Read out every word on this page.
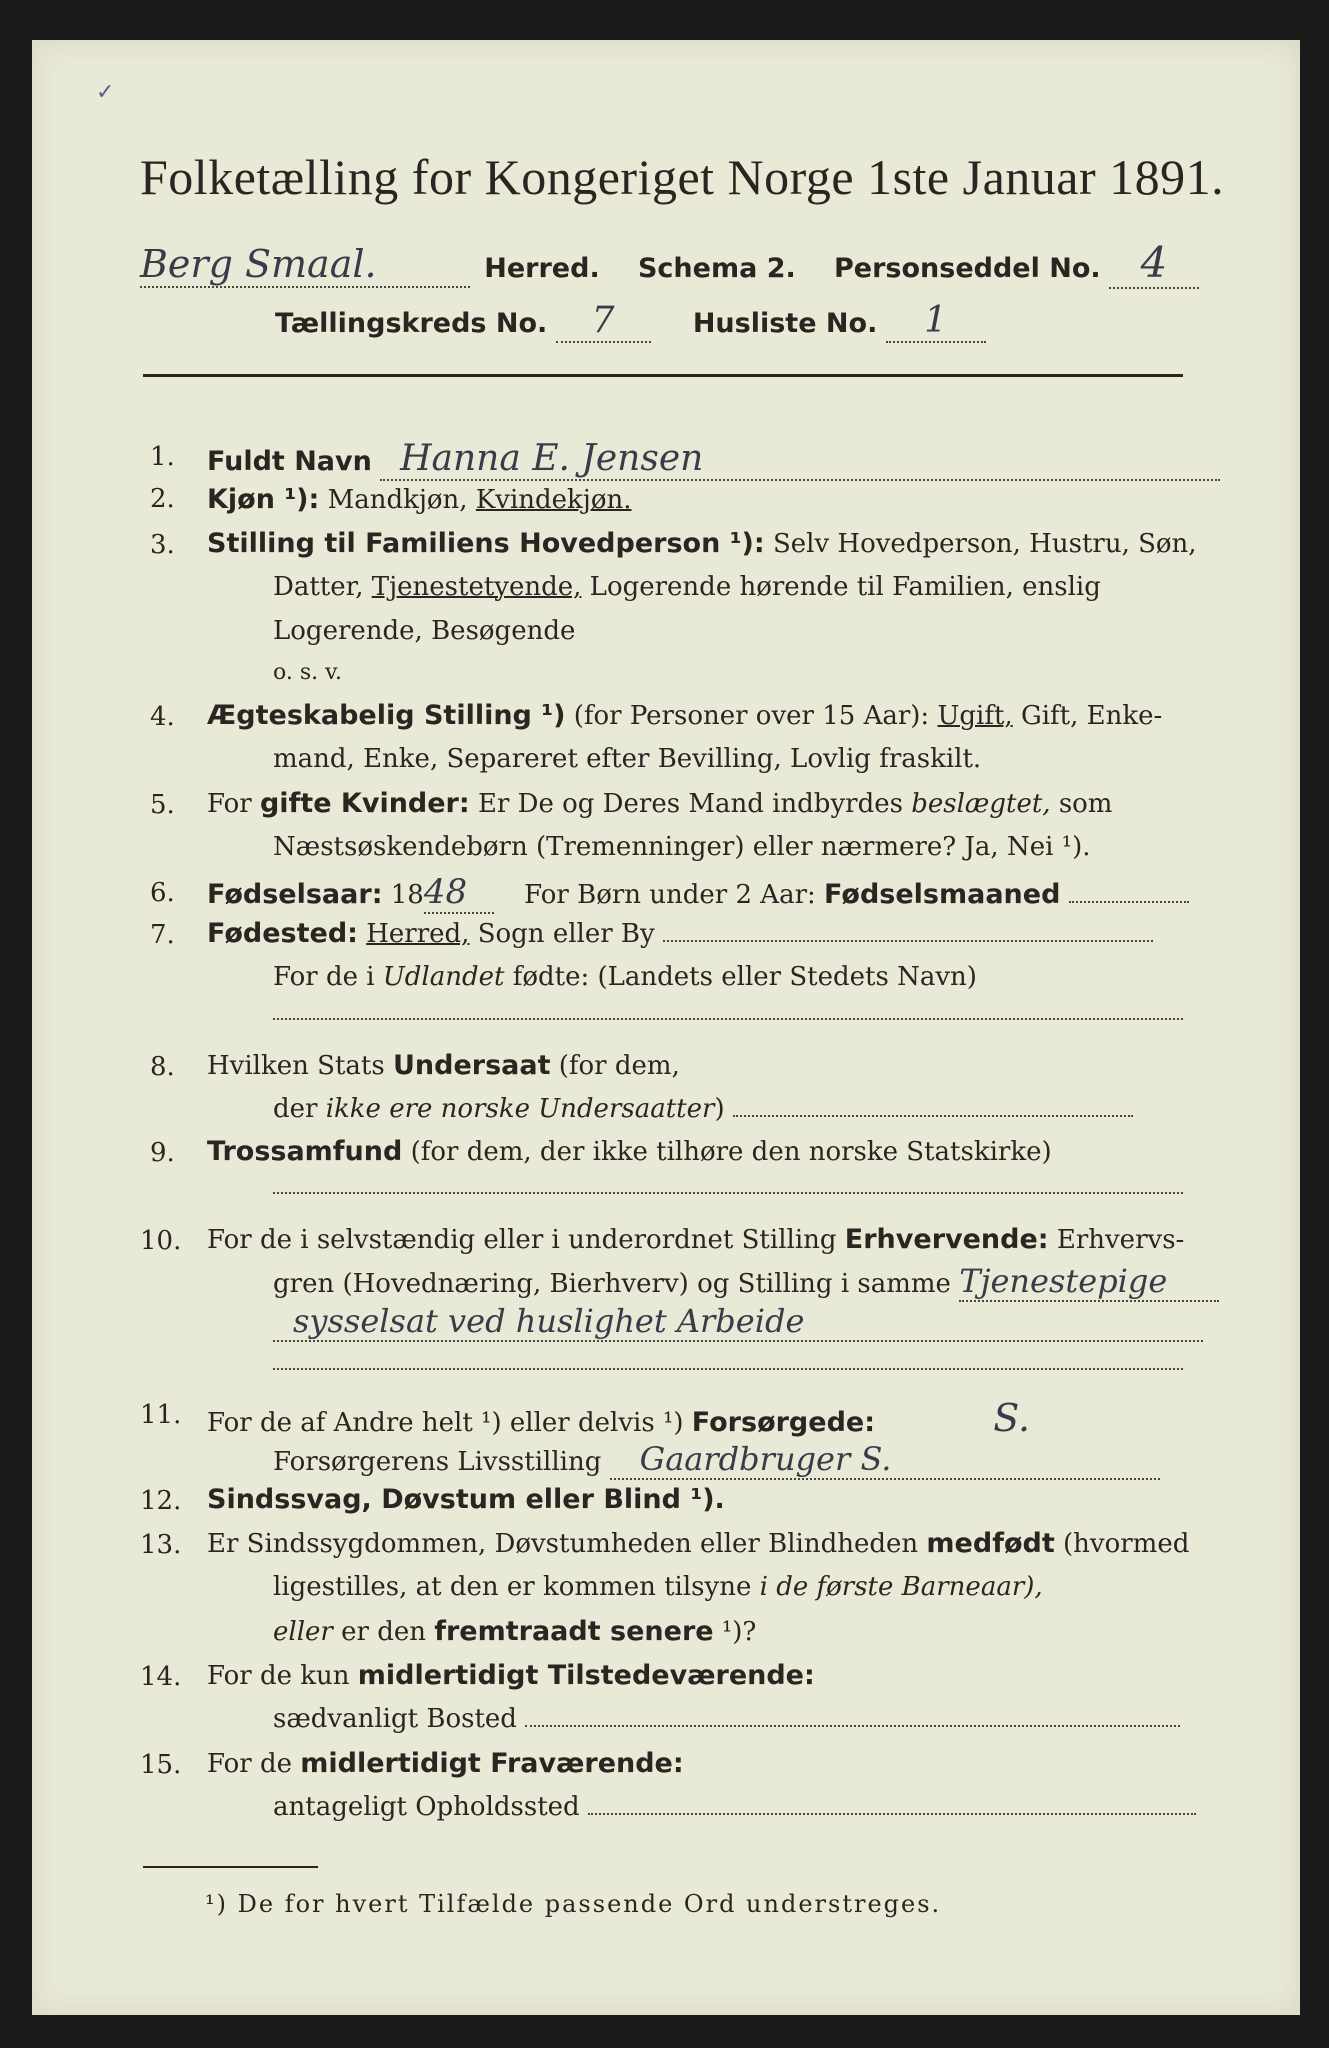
Folketælling for Kongeriget Norge 1ste Januar 1891.
Berg Smaal.	Herred. Schema 2. Personseddel No. 4
Tællingskreds No. 7	Husliste No. 1
1. Fuldt Navn Hanna E. Jensen
2. Kjøn ¹): Mandkjøn, Kvindekjøn.
3. Stilling til Familiens Hovedperson ¹): Selv Hovedperson, Hustru, Søn,
Datter, Tjenestetyende, Logerende hørende til Familien, enslig
Logerende, Besøgende
o. s. v.
4. Ægteskabelig Stilling ¹) (for Personer over 15 Aar): Ugift, Gift, Enke-
mand, Enke, Separeret efter Bevilling, Lovlig fraskilt.
5. For gifte Kvinder: Er De og Deres Mand indbyrdes beslægtet, som
Næstsøskendebørn (Tremenninger) eller nærmere? Ja, Nei ¹).
6. Fødselsaar: 1848 For Børn under 2 Aar: Fødselsmaaned
7. Fødested: Herred, Sogn eller By
For de i Udlandet fødte: (Landets eller Stedets Navn)
8. Hvilken Stats Undersaat (for dem,
der ikke ere norske Undersaatter)
9. Trossamfund (for dem, der ikke tilhøre den norske Statskirke)
10. For de i selvstændig eller i underordnet Stilling Erhvervende: Erhvervs-
gren (Hovednæring, Bierhverv) og Stilling i samme Tjenestepige
sysselsat ved huslighet Arbeide
11. For de af Andre helt ¹) eller delvis ¹) Forsørgede:	S.
Forsørgerens Livsstilling Gaardbruger S.
12. Sindssvag, Døvstum eller Blind ¹).
13. Er Sindssygdommen, Døvstumheden eller Blindheden medfødt (hvormed
ligestilles, at den er kommen tilsyne i de første Barneaar),
eller er den fremtraadt senere ¹)?
14. For de kun midlertidigt Tilstedeværende:
sædvanligt Bosted
15. For de midlertidigt Fraværende:
antageligt Opholdssted
¹) De for hvert Tilfælde passende Ord understreges.
✓
